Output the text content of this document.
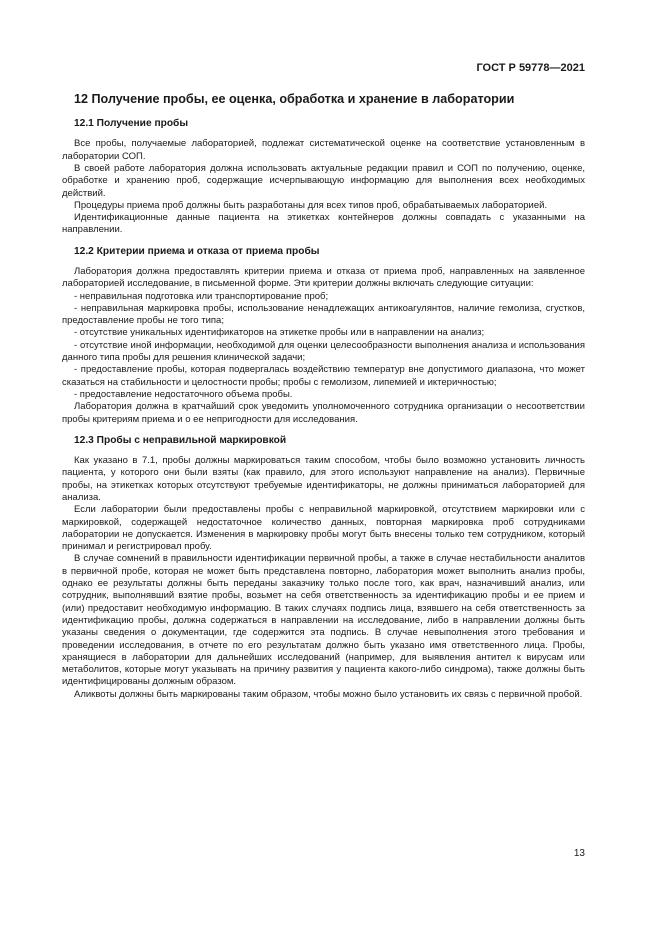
ГОСТ Р 59778—2021
12 Получение пробы, ее оценка, обработка и хранение в лаборатории
12.1 Получение пробы

Все пробы, получаемые лабораторией, подлежат систематической оценке на соответствие установленным в лаборатории СОП.

В своей работе лаборатория должна использовать актуальные редакции правил и СОП по получению, оценке, обработке и хранению проб, содержащие исчерпывающую информацию для выполнения всех необходимых действий.

Процедуры приема проб должны быть разработаны для всех типов проб, обрабатываемых лабораторией.

Идентификационные данные пациента на этикетках контейнеров должны совпадать с указанными на направлении.

12.2 Критерии приема и отказа от приема пробы

Лаборатория должна предоставлять критерии приема и отказа от приема проб, направленных на заявленное лабораторией исследование, в письменной форме. Эти критерии должны включать следующие ситуации:

- неправильная подготовка или транспортирование проб;

- неправильная маркировка пробы, использование ненадлежащих антикоагулянтов, наличие гемолиза, сгустков, предоставление пробы не того типа;

- отсутствие уникальных идентификаторов на этикетке пробы или в направлении на анализ;

- отсутствие иной информации, необходимой для оценки целесообразности выполнения анализа и использования данного типа пробы для решения клинической задачи;

- предоставление пробы, которая подвергалась воздействию температур вне допустимого диапазона, что может сказаться на стабильности и целостности пробы; пробы с гемолизом, липемией и иктеричностью;

- предоставление недостаточного объема пробы.

Лаборатория должна в кратчайший срок уведомить уполномоченного сотрудника организации о несоответствии пробы критериям приема и о ее непригодности для исследования.

12.3 Пробы с неправильной маркировкой

Как указано в 7.1, пробы должны маркироваться таким способом, чтобы было возможно установить личность пациента, у которого они были взяты (как правило, для этого используют направление на анализ). Первичные пробы, на этикетках которых отсутствуют требуемые идентификаторы, не должны приниматься лабораторией для анализа.

Если лаборатории были предоставлены пробы с неправильной маркировкой, отсутствием маркировки или с маркировкой, содержащей недостаточное количество данных, повторная маркировка проб сотрудниками лаборатории не допускается. Изменения в маркировку пробы могут быть внесены только тем сотрудником, который принимал и регистрировал пробу.

В случае сомнений в правильности идентификации первичной пробы, а также в случае нестабильности аналитов в первичной пробе, которая не может быть представлена повторно, лаборатория может выполнить анализ пробы, однако ее результаты должны быть переданы заказчику только после того, как врач, назначивший анализ, или сотрудник, выполнявший взятие пробы, возьмет на себя ответственность за идентификацию пробы и ее прием и (или) предоставит необходимую информацию. В таких случаях подпись лица, взявшего на себя ответственность за идентификацию пробы, должна содержаться в направлении на исследование, либо в направлении должны быть указаны сведения о документации, где содержится эта подпись. В случае невыполнения этого требования и проведении исследования, в отчете по его результатам должно быть указано имя ответственного лица. Пробы, хранящиеся в лаборатории для дальнейших исследований (например, для выявления антител к вирусам или метаболитов, которые могут указывать на причину развития у пациента какого-либо синдрома), также должны быть идентифицированы должным образом.

Аликвоты должны быть маркированы таким образом, чтобы можно было установить их связь с первичной пробой.

13
